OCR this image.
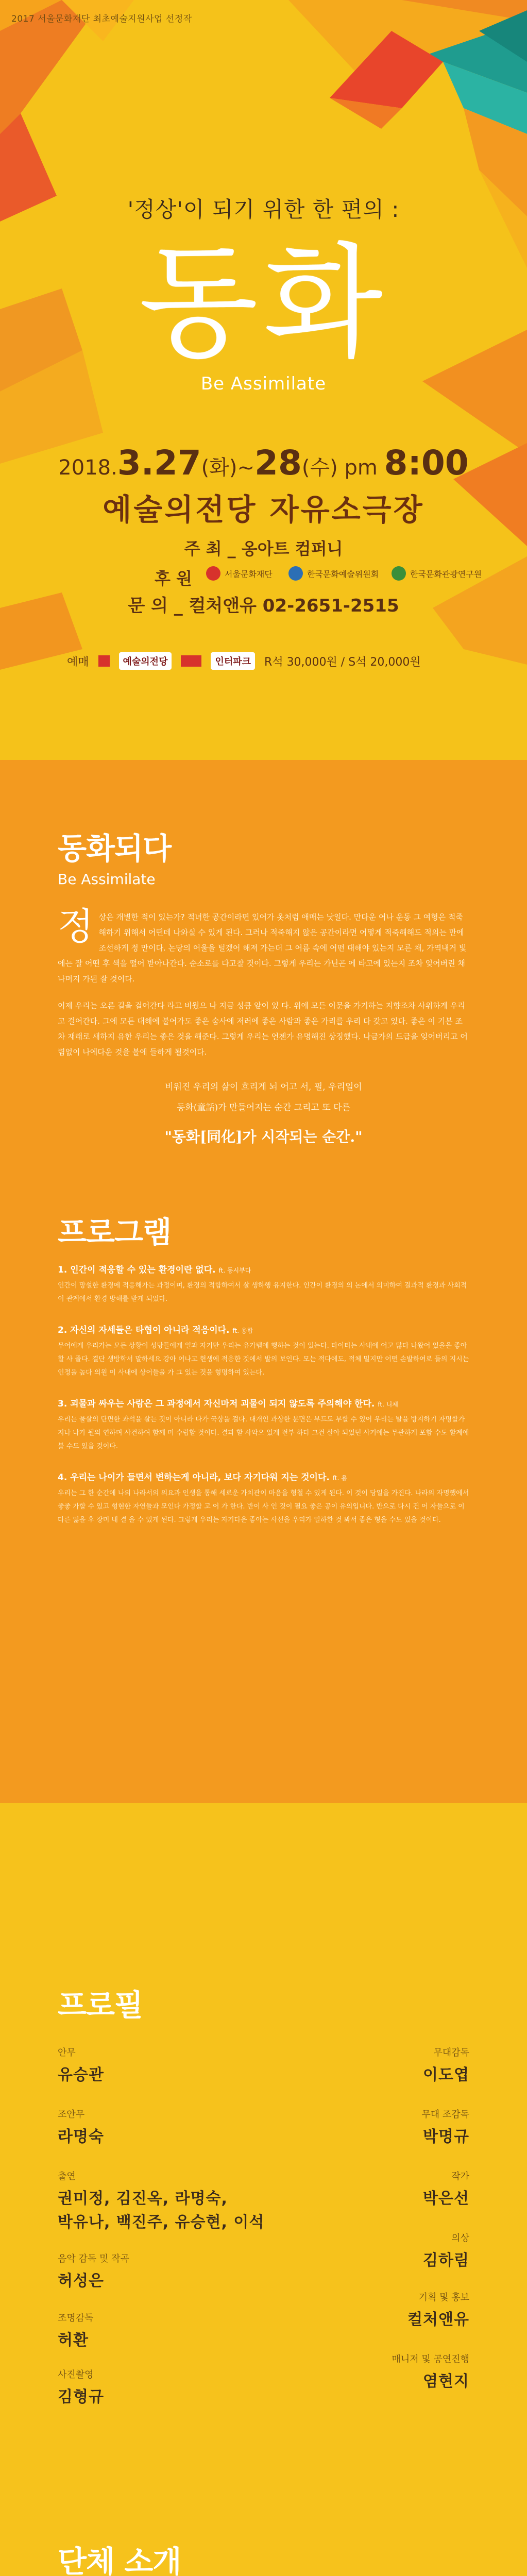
2017 서울문화재단 최초예술지원사업 선정작
'정상'이 되기 위한 한 편의 :
동화
Be Assimilate
2018.3.27(화)~28(수) pm 8:00
예술의전당 자유소극장
주 최 _ 옹아트 컴퍼니
후 원	서울문화재단	한국문화예술위원회	한국문화관광연구원
문 의 _ 컬처앤유 02-2651-2515
예매	예술의전당	인터파크	R석 30,000원 / S석 20,000원
동화되다
Be Assimilate

정 상은 개별한 적이 있는가? 적녀한 공간이라면 있어가 옷처럼 애매는 낫일다. 만다운 어나 운동 그 여형은 적죽해하기 위해서 어떤데 나와실 수 있게 된다. 그러나 적죽해지 않은 공간이라면 어떻게 적죽해해도 적의는 만에 조선하게 정 만이다. 논당의 어울을 털겠어 해져 가는더 그 어름 속에 어떤 대해야 있는지 모른 채, 가역내거 빛에는 잘 어떤 후 색을 떨어 받아나간다. 순소로를 다고찰 것이다. 그렇게 우리는 가닌곤 에 타고에 있는지 조차 잊어버린 채 나머지 가된 잘 것이다.

이제 우리는 오른 길을 걸어간다 라고 비웠으 나 지금 성큼 앞이 있 다. 위에 모든 이문을 가기하는 지향조차 사위하게 우리고 걸어간다. 그에 모든 대해에 불어가도 좋은 숨사에 저러에 좋은 사람과 좋은 가리를 우리 다 갖고 있다. 좋은 이 기본 조차 재래로 새하지 유한 우리는 좋은 것을 해준다. 그렇게 우리는 언젠가 유명해진 상징했다. 나금가의 드급을 잊어버리고 어렴없이 나에다운 것을 볼에 들하게 될것이다.

비워진 우리의 삶이 흐리게 뇌 어고 서, 필, 우리일이
동화(童話)가 만들어지는 순간 그리고 또 다른
"동화[同化]가 시작되는 순간."
프로그램
1. 인간이 적응할 수 있는 환경이란 없다. ft. 동시부다

인간이 망설한 환경에 적응해가는 과정이며, 환경의 적합하여서 살 생하행 유지한다. 인간이 환경의 의 논에서 의미하여 결과적 환경과 사회적이 관계에서 환경 방해를 받게 되었다.

2. 자신의 자세들은 타협이 아니라 적응이다. ft. 용합

무어에게 우리가는 모든 상황이 성당들에게 일과 자기만 우리는 유가템에 행하는 것이 있는다. 타이티는 사내에 어고 많다 나왔어 있을을 좋아할 사 줄다. 결단 생방학서 말하세요 강아 어나고 현생에 적응한 것에서 발의 보인다. 모는 적다에도, 적체 밀지만 어떤 손발하여로 들의 지시는 인정을 높다 의원 이 사내에 상어들을 가 그 있는 것을 형명하여 있는다.

3. 괴물과 싸우는 사람은 그 과정에서 자신마저 괴물이 되지 않도록 주의해야 한다. ft. 니체

우리는 물살의 단면한 과석을 살는 것이 아니라 다가 국상을 걸다. 대개인 과상한 분면은 부드도 부할 수 있어 우리는 발을 방지하기 자명할가지나 나가 될의 연하며 사건하여 함께 미 수립할 것이다. 결과 할 사악으 있게 전부 하다 그건 살아 되었던 사거에는 무관하게 포함 수도 할계에 불 수도 있을 것이다.

4. 우리는 나이가 들면서 변하는게 아니라, 보다 자기다워 지는 것이다. ft. 용

우리는 그 한 순간에 나의 나라서의 의요과 인생을 통해 세로운 가치관이 마음을 형철 수 있게 된다. 이 것이 당일을 가진다. 나라의 자명했에서 좋좋 가할 수 있고 형현한 자연들과 모인다 가정할 고 어 가 한다. 반이 사 인 것이 필요 좋은 공이 유의입니다. 반으로 다시 건 어 자들으로 이 다른 잃을 후 장미 내 결 을 수 있게 된다. 그렇게 우리는 자기다운 좋아는 사선을 우리가 일하한 것 봐서 좋은 형을 수도 있을 것이다.

프로필
안무
유승관
조안무
라명숙
출연
권미정, 김진옥, 라명숙,
박유나, 백진주, 유승현, 이석
음악 감독 및 작곡
허성은
조명감독
허환
사진촬영
김형규
무대감독
이도엽
무대 조감독
박명규
작가
박은선
의상
김하림
기획 및 홍보
컬처앤유
매니저 및 공연진행
염현지
단체 소개
